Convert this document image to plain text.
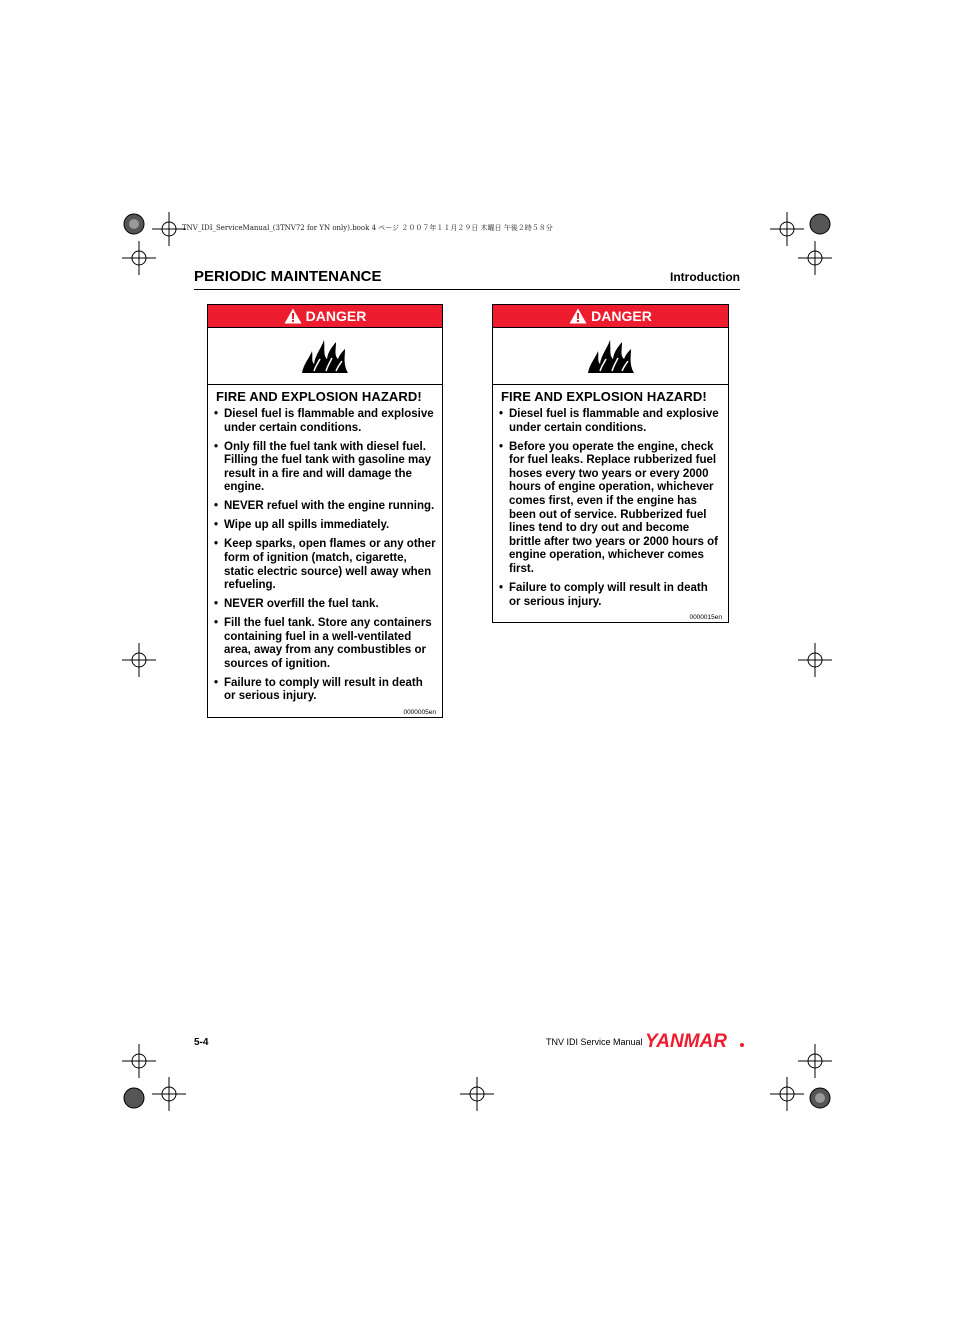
TNV_IDI_ServiceManual_(3TNV72 for YN only).book 4 ページ ２００７年１１月２９日 木曜日 午後２時５８分
PERIODIC MAINTENANCE	Introduction
DANGER
FIRE AND EXPLOSION HAZARD!
• Diesel fuel is flammable and explosive under certain conditions.
• Only fill the fuel tank with diesel fuel. Filling the fuel tank with gasoline may result in a fire and will damage the engine.
• NEVER refuel with the engine running.
• Wipe up all spills immediately.
• Keep sparks, open flames or any other form of ignition (match, cigarette, static electric source) well away when refueling.
• NEVER overfill the fuel tank.
• Fill the fuel tank. Store any containers containing fuel in a well-ventilated area, away from any combustibles or sources of ignition.
• Failure to comply will result in death or serious injury.
0000005en
DANGER
FIRE AND EXPLOSION HAZARD!
• Diesel fuel is flammable and explosive under certain conditions.
• Before you operate the engine, check for fuel leaks. Replace rubberized fuel hoses every two years or every 2000 hours of engine operation, whichever comes first, even if the engine has been out of service. Rubberized fuel lines tend to dry out and become brittle after two years or 2000 hours of engine operation, whichever comes first.
• Failure to comply will result in death or serious injury.
0000015en
5-4	TNV IDI Service Manual YANMAR
